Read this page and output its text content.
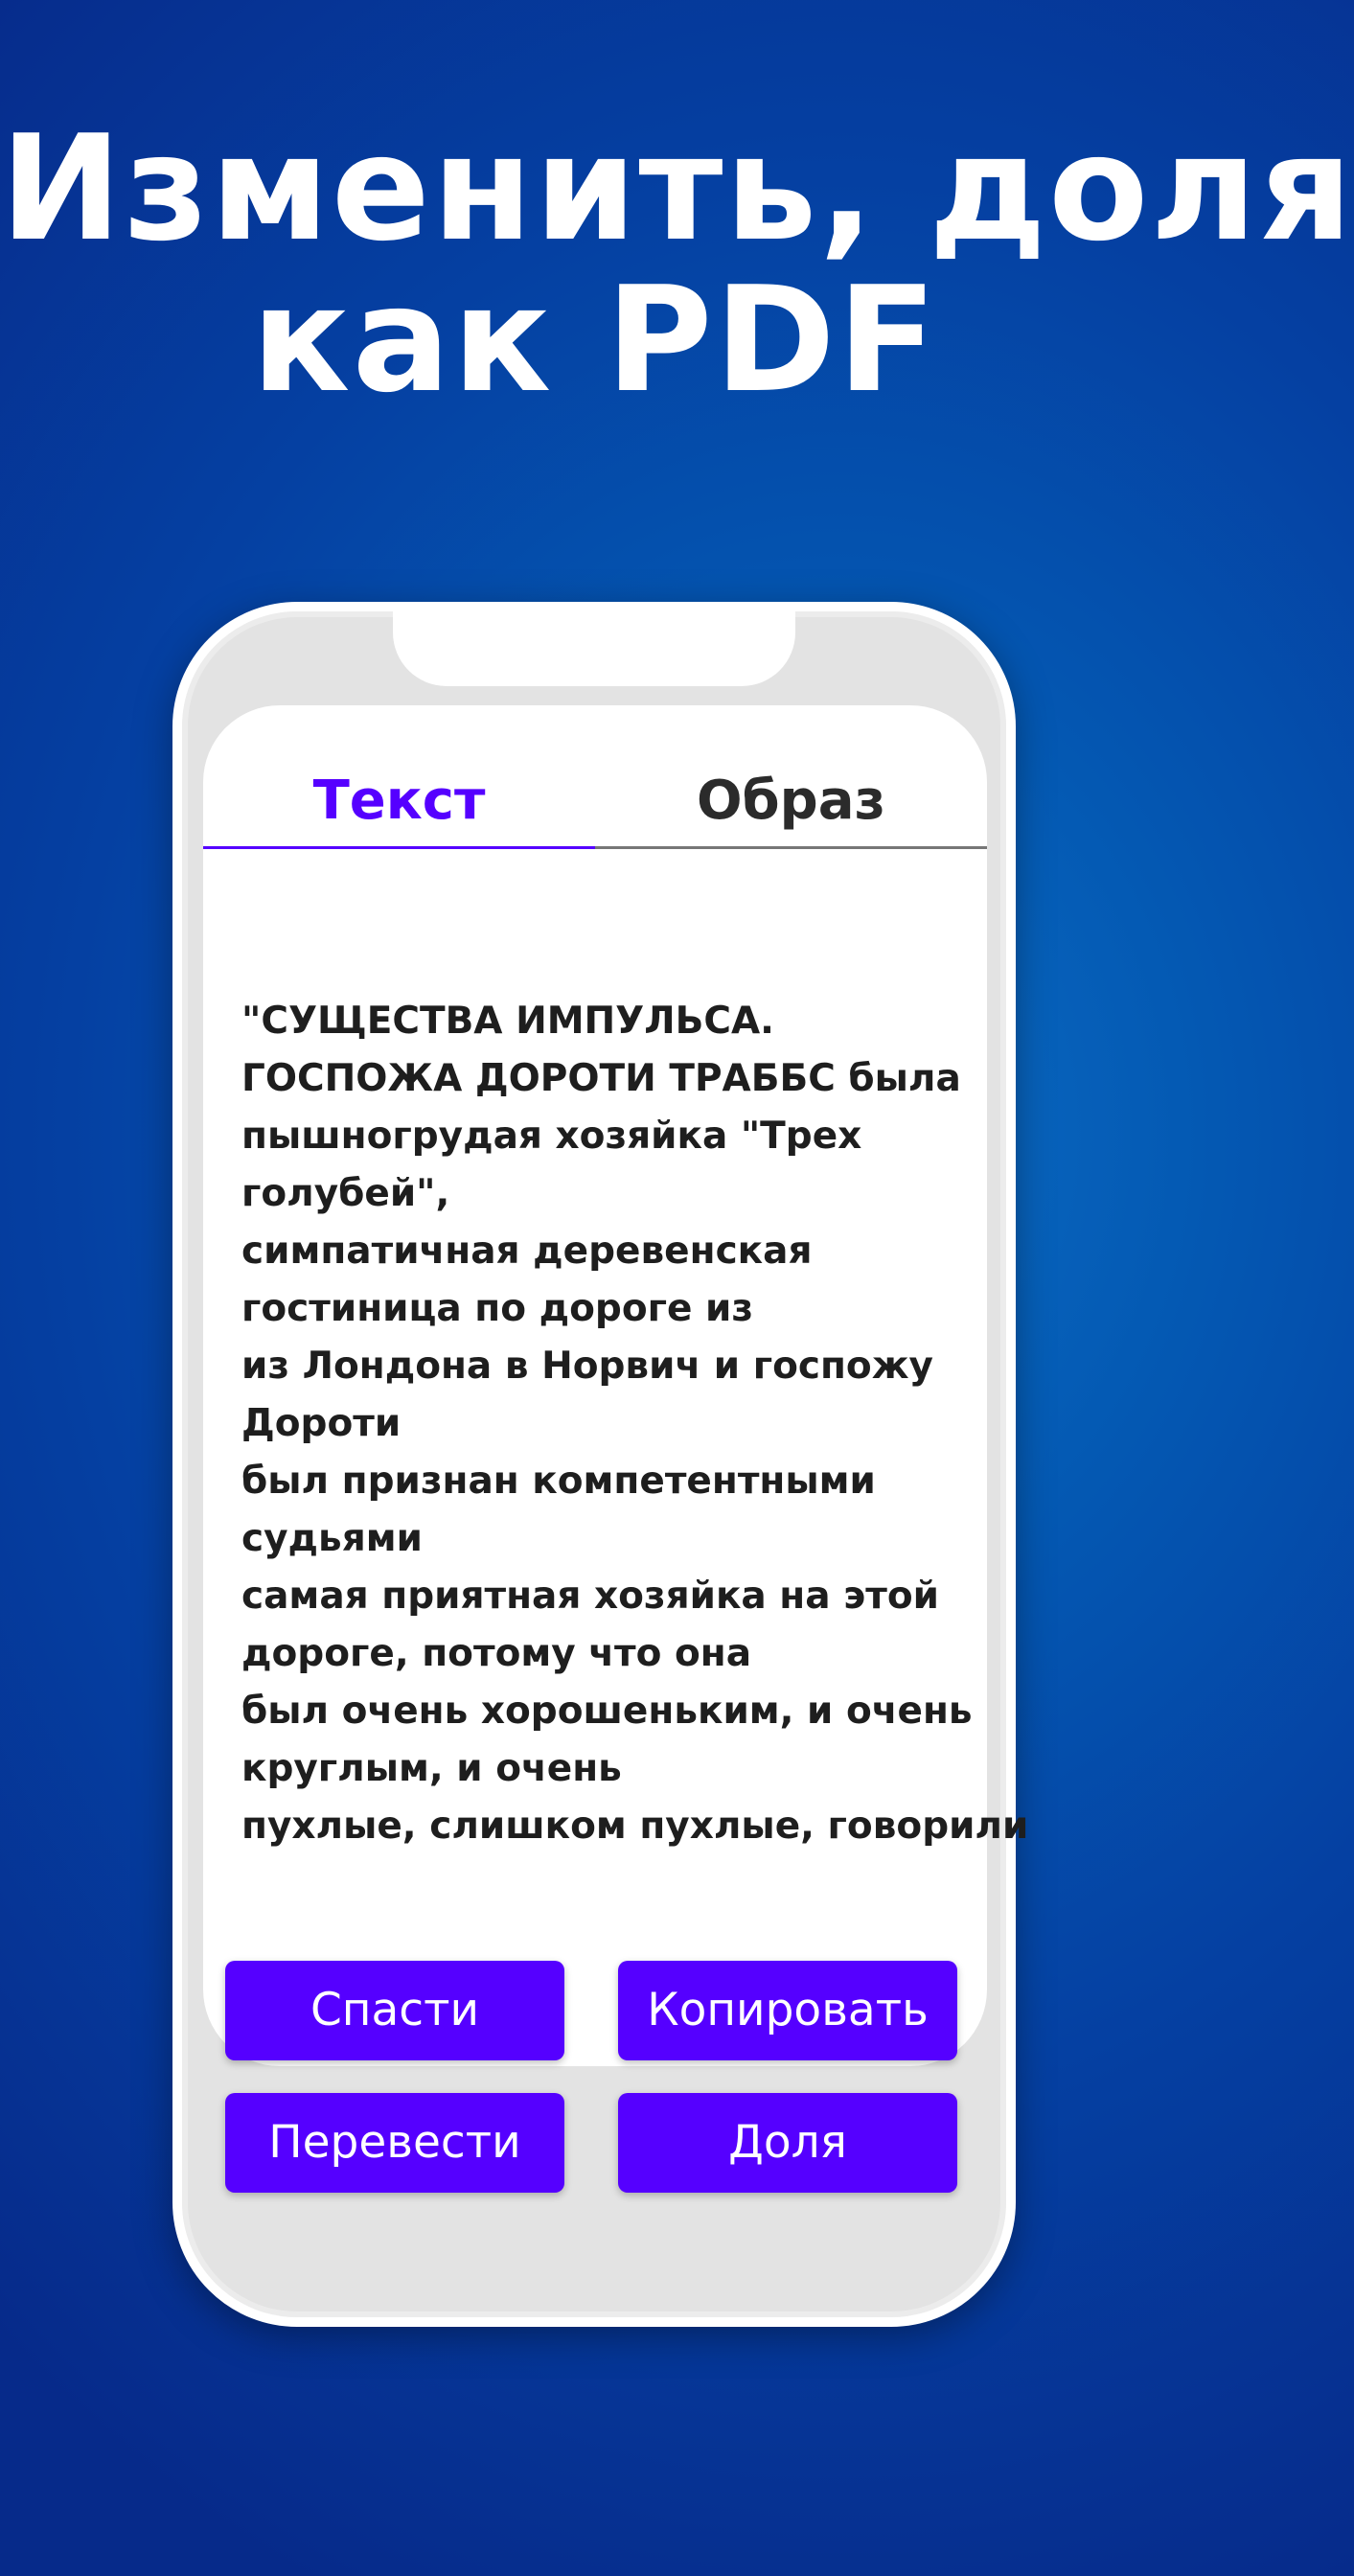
Изменить, доля
как PDF
Текст	Образ
"СУЩЕСТВА ИМПУЛЬСА.
ГОСПОЖА ДОРОТИ ТРАББС была
пышногрудая хозяйка "Трех
голубей",
симпатичная деревенская
гостиница по дороге из
из Лондона в Норвич и госпожу
Дороти
был признан компетентными
судьями
самая приятная хозяйка на этой
дороге, потому что она
был очень хорошеньким, и очень
круглым, и очень
пухлые, слишком пухлые, говорили
Спасти	Копировать
Перевести	Доля
